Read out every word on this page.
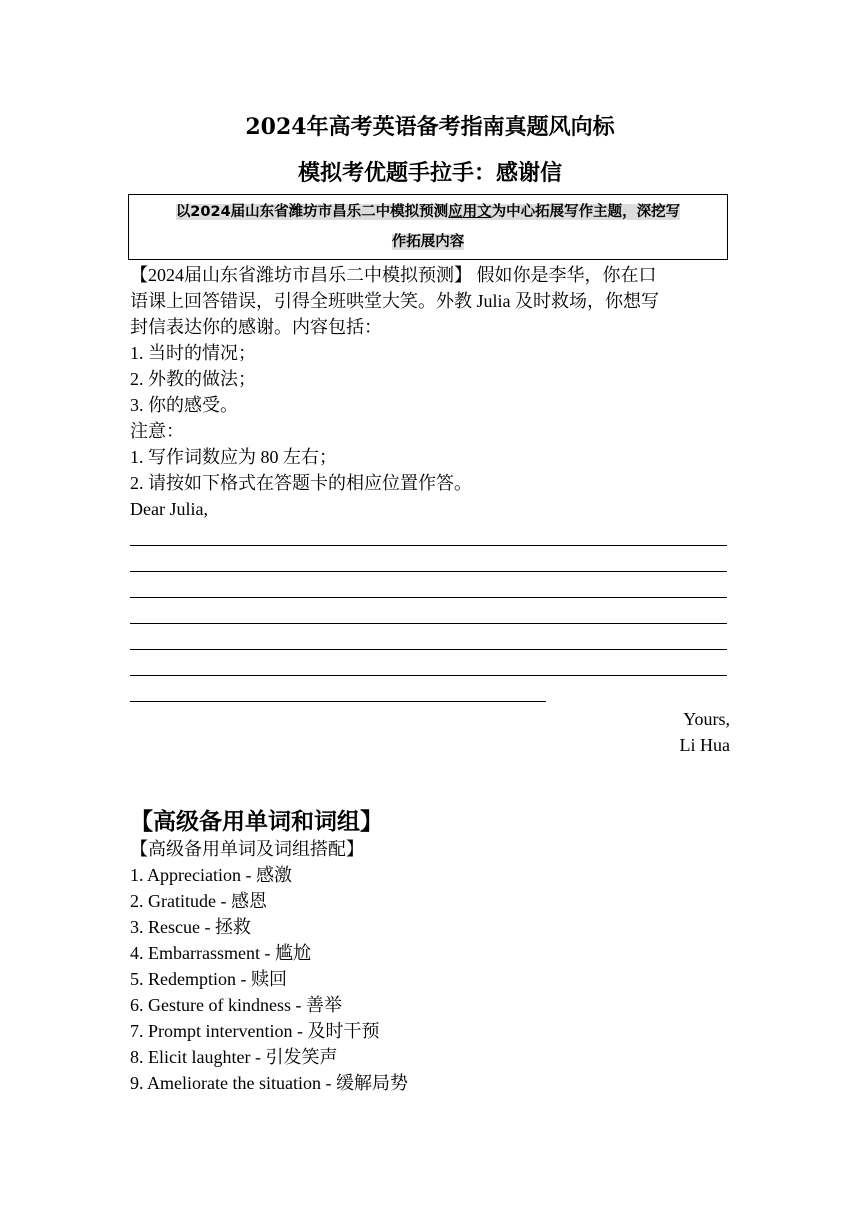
2024年高考英语备考指南真题风向标
模拟考优题手拉手：感谢信
以2024届山东省潍坊市昌乐二中模拟预测应用文为中心拓展写作主题，深挖写
作拓展内容
【2024届山东省潍坊市昌乐二中模拟预测】 假如你是李华，你在口
语课上回答错误，引得全班哄堂大笑。外教 Julia 及时救场，你想写
封信表达你的感谢。内容包括：
1. 当时的情况；
2. 外教的做法；
3. 你的感受。
注意：
1. 写作词数应为 80 左右；
2. 请按如下格式在答题卡的相应位置作答。
Dear Julia,
Yours,
Li Hua
【高级备用单词和词组】
【高级备用单词及词组搭配】
1. Appreciation - 感激
2. Gratitude - 感恩
3. Rescue - 拯救
4. Embarrassment - 尴尬
5. Redemption - 赎回
6. Gesture of kindness - 善举
7. Prompt intervention - 及时干预
8. Elicit laughter - 引发笑声
9. Ameliorate the situation - 缓解局势
